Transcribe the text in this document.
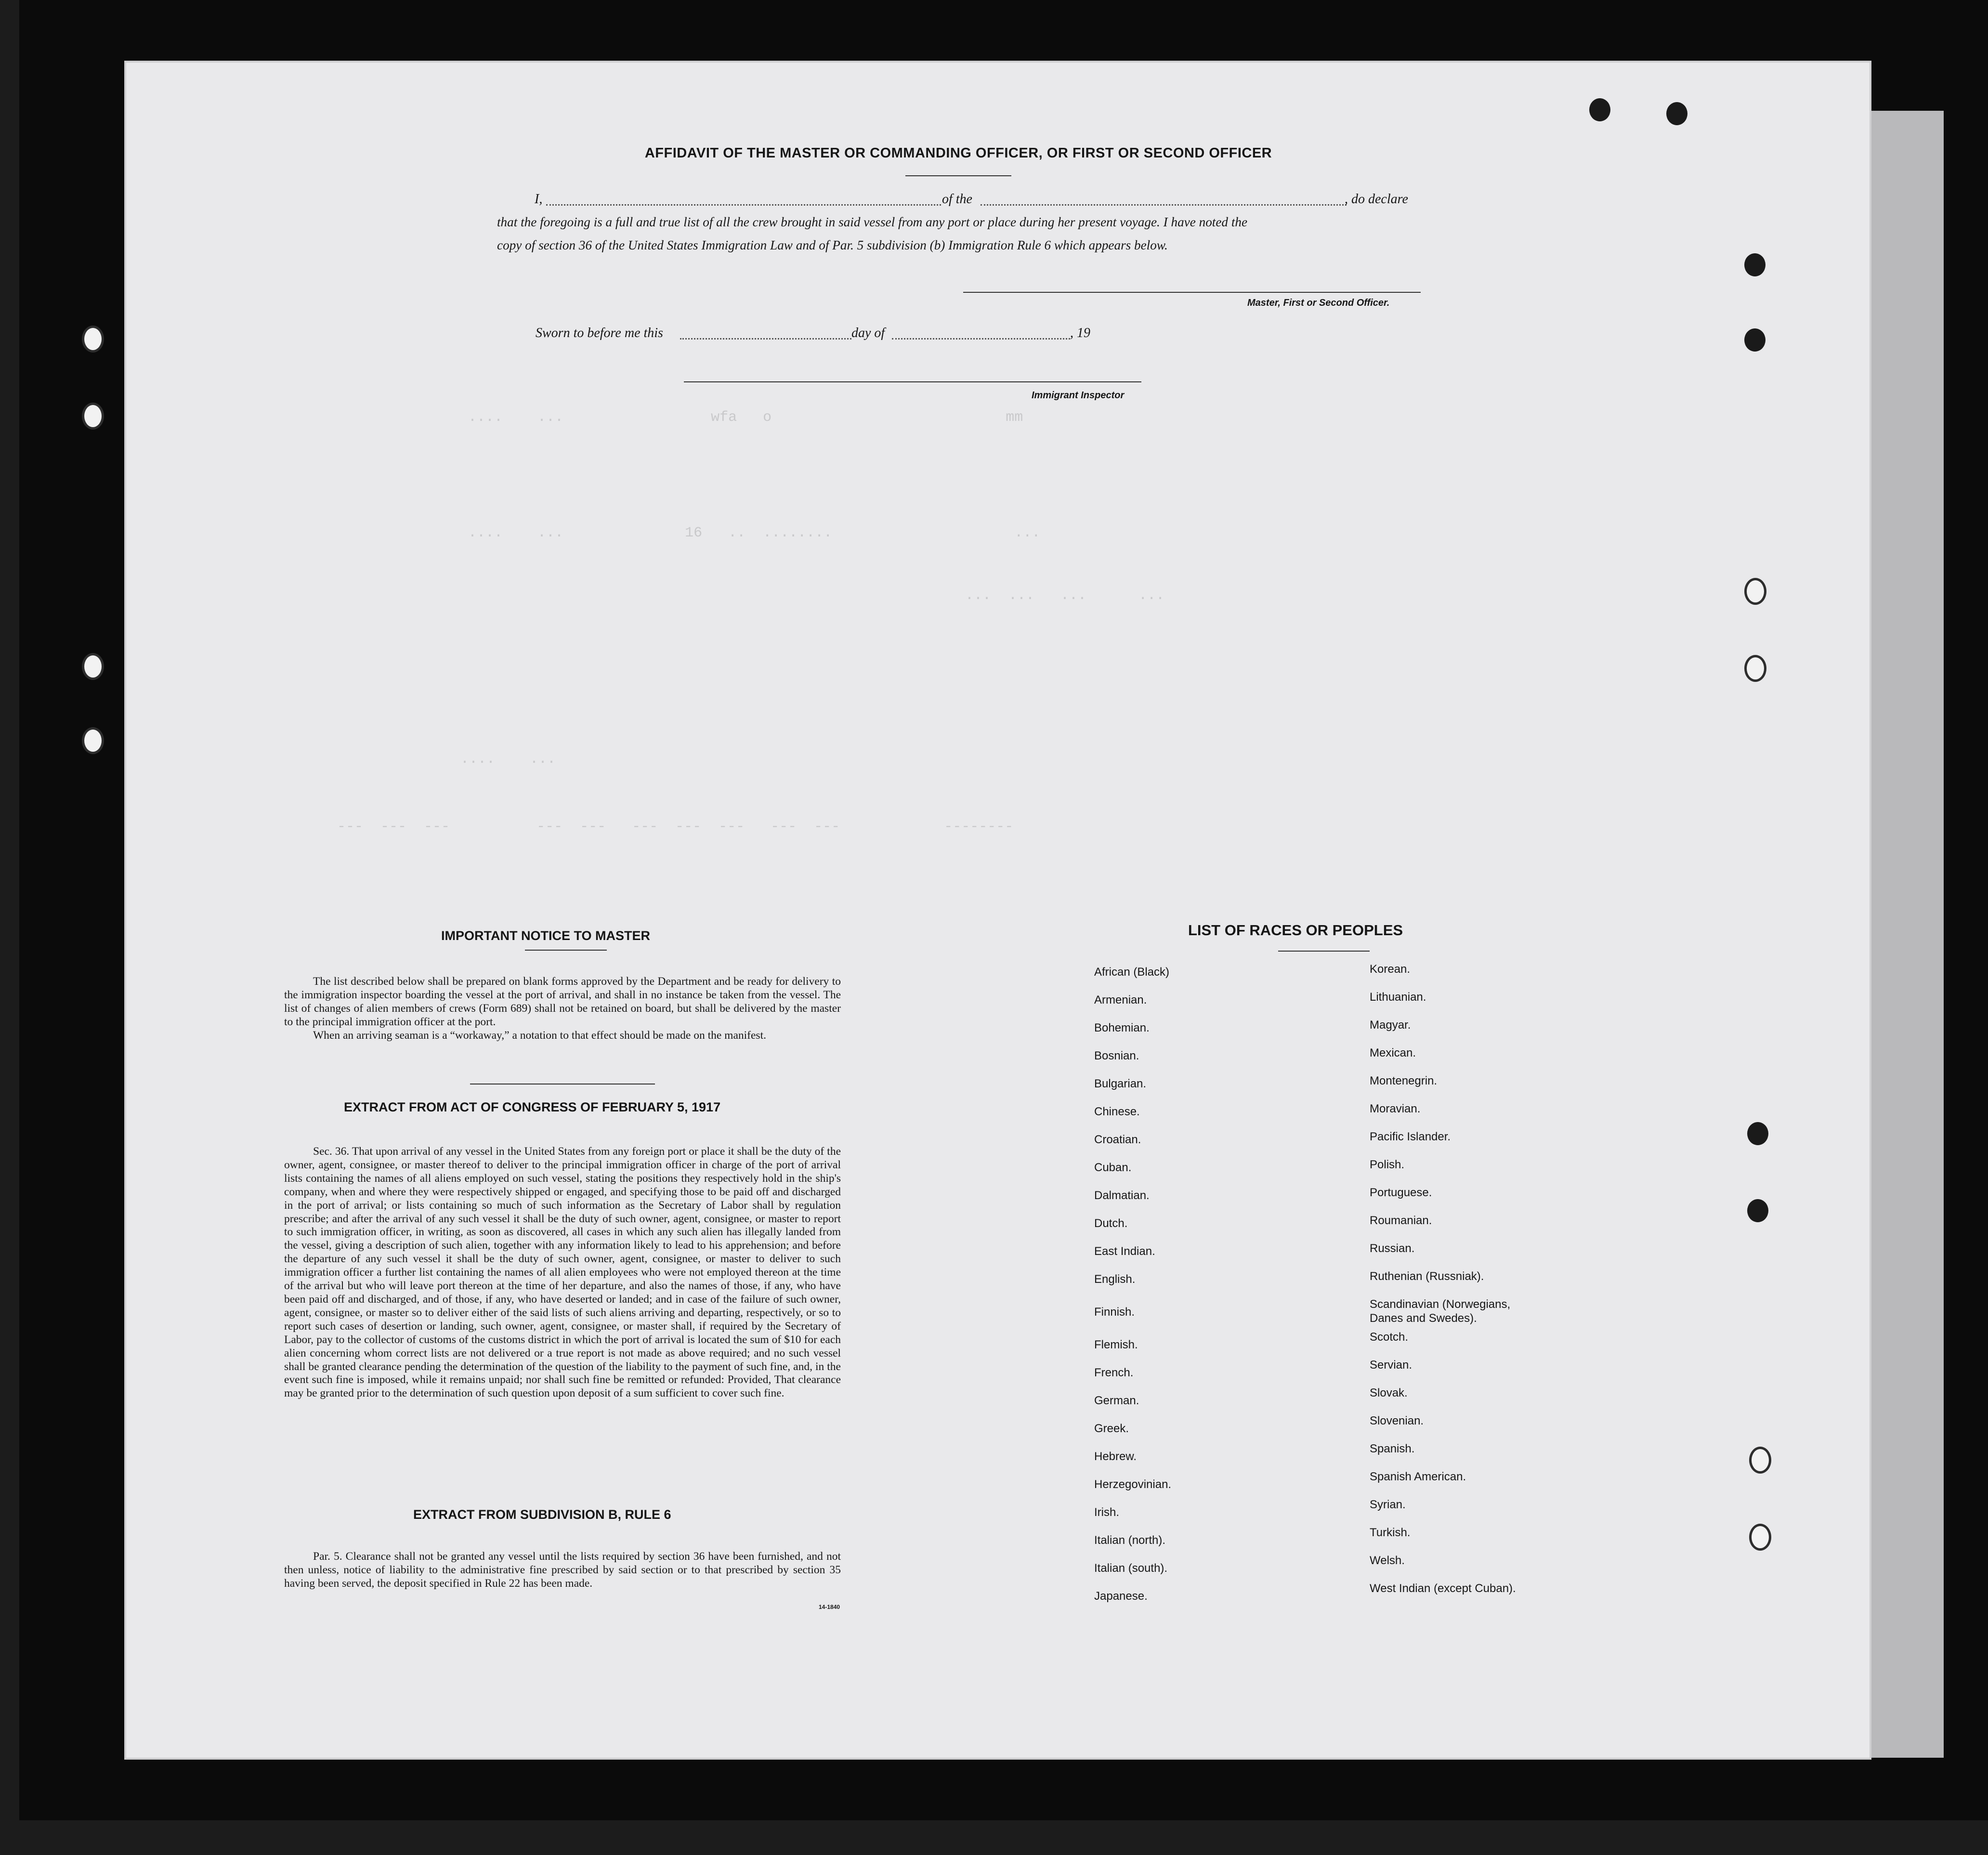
....    ...                 wfa   o                           mm
....    ...              16   ..  ........                     ...
---  ---  ---          ---  ---   ---  ---  ---   ---  ---            --------
....    ...
...  ...   ...      ...
AFFIDAVIT OF THE MASTER OR COMMANDING OFFICER, OR FIRST OR SECOND OFFICER
I,	of the	, do declare
that the foregoing is a full and true list of all the crew brought in said vessel from any port or place during her present voyage. I have noted the
copy of section 36 of the United States Immigration Law and of Par. 5 subdivision (b) Immigration Rule 6 which appears below.
Master, First or Second Officer.
Sworn to before me this	day of	, 19
Immigrant Inspector
IMPORTANT NOTICE TO MASTER

The list described below shall be prepared on blank forms approved by the Department and be ready for delivery to the immigration inspector boarding the vessel at the port of arrival, and shall in no instance be taken from the vessel. The list of changes of alien members of crews (Form 689) shall not be retained on board, but shall be delivered by the master to the principal immigration officer at the port.

When an arriving seaman is a “workaway,” a notation to that effect should be made on the manifest.

EXTRACT FROM ACT OF CONGRESS OF FEBRUARY 5, 1917

Sec. 36. That upon arrival of any vessel in the United States from any foreign port or place it shall be the duty of the owner, agent, consignee, or master thereof to deliver to the principal immigration officer in charge of the port of arrival lists containing the names of all aliens employed on such vessel, stating the positions they respectively hold in the ship's company, when and where they were respectively shipped or engaged, and specifying those to be paid off and discharged in the port of arrival; or lists containing so much of such information as the Secretary of Labor shall by regulation prescribe; and after the arrival of any such vessel it shall be the duty of such owner, agent, consignee, or master to report to such immigration officer, in writing, as soon as discovered, all cases in which any such alien has illegally landed from the vessel, giving a description of such alien, together with any information likely to lead to his apprehension; and before the departure of any such vessel it shall be the duty of such owner, agent, consignee, or master to deliver to such immigration officer a further list containing the names of all alien employees who were not employed thereon at the time of the arrival but who will leave port thereon at the time of her departure, and also the names of those, if any, who have been paid off and discharged, and of those, if any, who have deserted or landed; and in case of the failure of such owner, agent, consignee, or master so to deliver either of the said lists of such aliens arriving and departing, respectively, or so to report such cases of desertion or landing, such owner, agent, consignee, or master shall, if required by the Secretary of Labor, pay to the collector of customs of the customs district in which the port of arrival is located the sum of $10 for each alien concerning whom correct lists are not delivered or a true report is not made as above required; and no such vessel shall be granted clearance pending the determination of the question of the liability to the payment of such fine, and, in the event such fine is imposed, while it remains unpaid; nor shall such fine be remitted or refunded: Provided, That clearance may be granted prior to the determination of such question upon deposit of a sum sufficient to cover such fine.

EXTRACT FROM SUBDIVISION B, RULE 6

Par. 5. Clearance shall not be granted any vessel until the lists required by section 36 have been furnished, and not then unless, notice of liability to the administrative fine prescribed by said section or to that prescribed by section 35 having been served, the deposit specified in Rule 22 has been made.

14-1840
LIST OF RACES OR PEOPLES
African (Black)
Armenian.
Bohemian.
Bosnian.
Bulgarian.
Chinese.
Croatian.
Cuban.
Dalmatian.
Dutch.
East Indian.
English.
Finnish.
Flemish.
French.
German.
Greek.
Hebrew.
Herzegovinian.
Irish.
Italian (north).
Italian (south).
Japanese.
Korean.
Lithuanian.
Magyar.
Mexican.
Montenegrin.
Moravian.
Pacific Islander.
Polish.
Portuguese.
Roumanian.
Russian.
Ruthenian (Russniak).
Scandinavian (Norwegians,
Danes and Swedes).
Scotch.
Servian.
Slovak.
Slovenian.
Spanish.
Spanish American.
Syrian.
Turkish.
Welsh.
West Indian (except Cuban).
